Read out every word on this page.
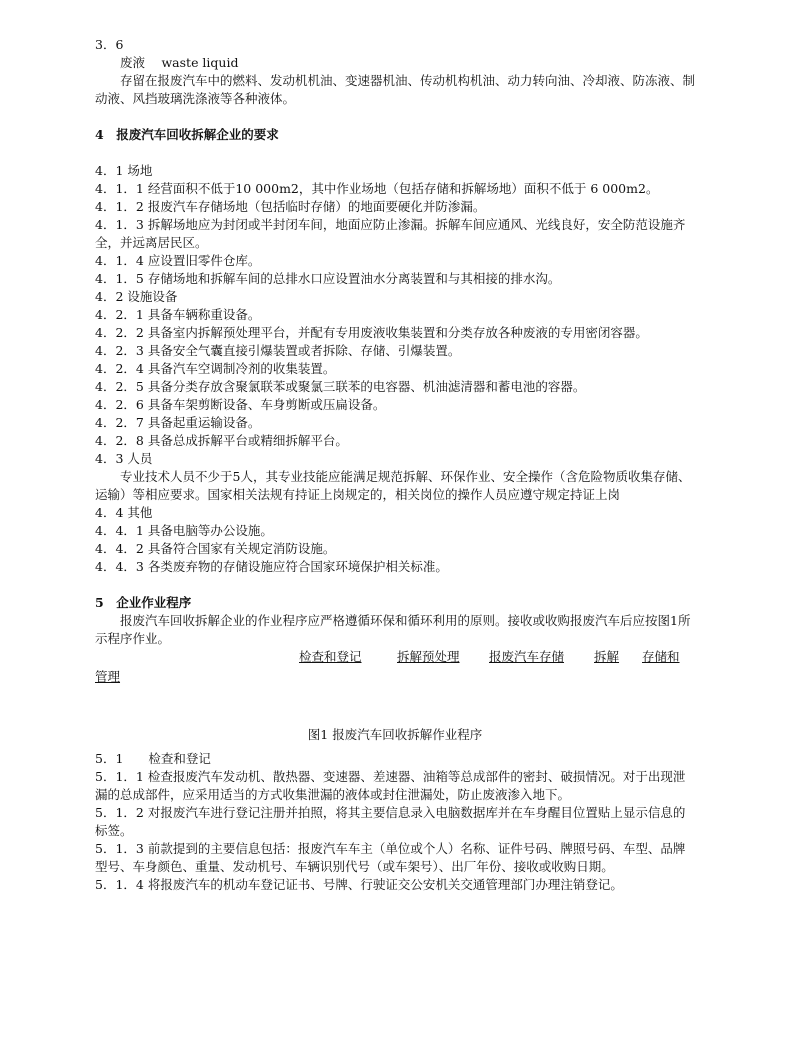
3．6
废液　 waste liquid
存留在报废汽车中的燃料、发动机机油、变速器机油、传动机构机油、动力转向油、冷却液、防冻液、制动液、风挡玻璃洗涤液等各种液体。
4　报废汽车回收拆解企业的要求
4．1 场地
4．1．1 经营面积不低于10 000m2，其中作业场地（包括存储和拆解场地）面积不低于 6 000m2。
4．1．2 报废汽车存储场地（包括临时存储）的地面要硬化并防渗漏。
4．1．3 拆解场地应为封闭或半封闭车间，地面应防止渗漏。拆解车间应通风、光线良好，安全防范设施齐全，并远离居民区。
4．1．4 应设置旧零件仓库。
4．1．5 存储场地和拆解车间的总排水口应设置油水分离装置和与其相接的排水沟。
4．2 设施设备
4．2．1 具备车辆称重设备。
4．2．2 具备室内拆解预处理平台，并配有专用废液收集装置和分类存放各种废液的专用密闭容器。
4．2．3 具备安全气囊直接引爆装置或者拆除、存储、引爆装置。
4．2．4 具备汽车空调制冷剂的收集装置。
4．2．5 具备分类存放含聚氯联苯或聚氯三联苯的电容器、机油滤清器和蓄电池的容器。
4．2．6 具备车架剪断设备、车身剪断或压扁设备。
4．2．7 具备起重运输设备。
4．2．8 具备总成拆解平台或精细拆解平台。
4．3 人员
专业技术人员不少于5人，其专业技能应能满足规范拆解、环保作业、安全操作（含危险物质收集存储、运输）等相应要求。国家相关法规有持证上岗规定的，相关岗位的操作人员应遵守规定持证上岗
4．4 其他
4．4．1 具备电脑等办公设施。
4．4．2 具备符合国家有关规定消防设施。
4．4．3 各类废弃物的存储设施应符合国家环境保护相关标准。
5　企业作业程序
报废汽车回收拆解企业的作业程序应严格遵循环保和循环利用的原则。接收或收购报废汽车后应按图1所示程序作业。
检查和登记	拆解预处理 报废汽车存储 拆解 存储和
管理
图1 报废汽车回收拆解作业程序
5．1　　检查和登记
5．1．1 检查报废汽车发动机、散热器、变速器、差速器、油箱等总成部件的密封、破损情况。对于出现泄漏的总成部件，应采用适当的方式收集泄漏的液体或封住泄漏处，防止废液渗入地下。
5．1．2 对报废汽车进行登记注册并拍照，将其主要信息录入电脑数据库并在车身醒目位置贴上显示信息的标签。
5．1．3 前款提到的主要信息包括：报废汽车车主（单位或个人）名称、证件号码、牌照号码、车型、品牌型号、车身颜色、重量、发动机号、车辆识别代号（或车架号）、出厂年份、接收或收购日期。
5．1．4 将报废汽车的机动车登记证书、号牌、行驶证交公安机关交通管理部门办理注销登记。
